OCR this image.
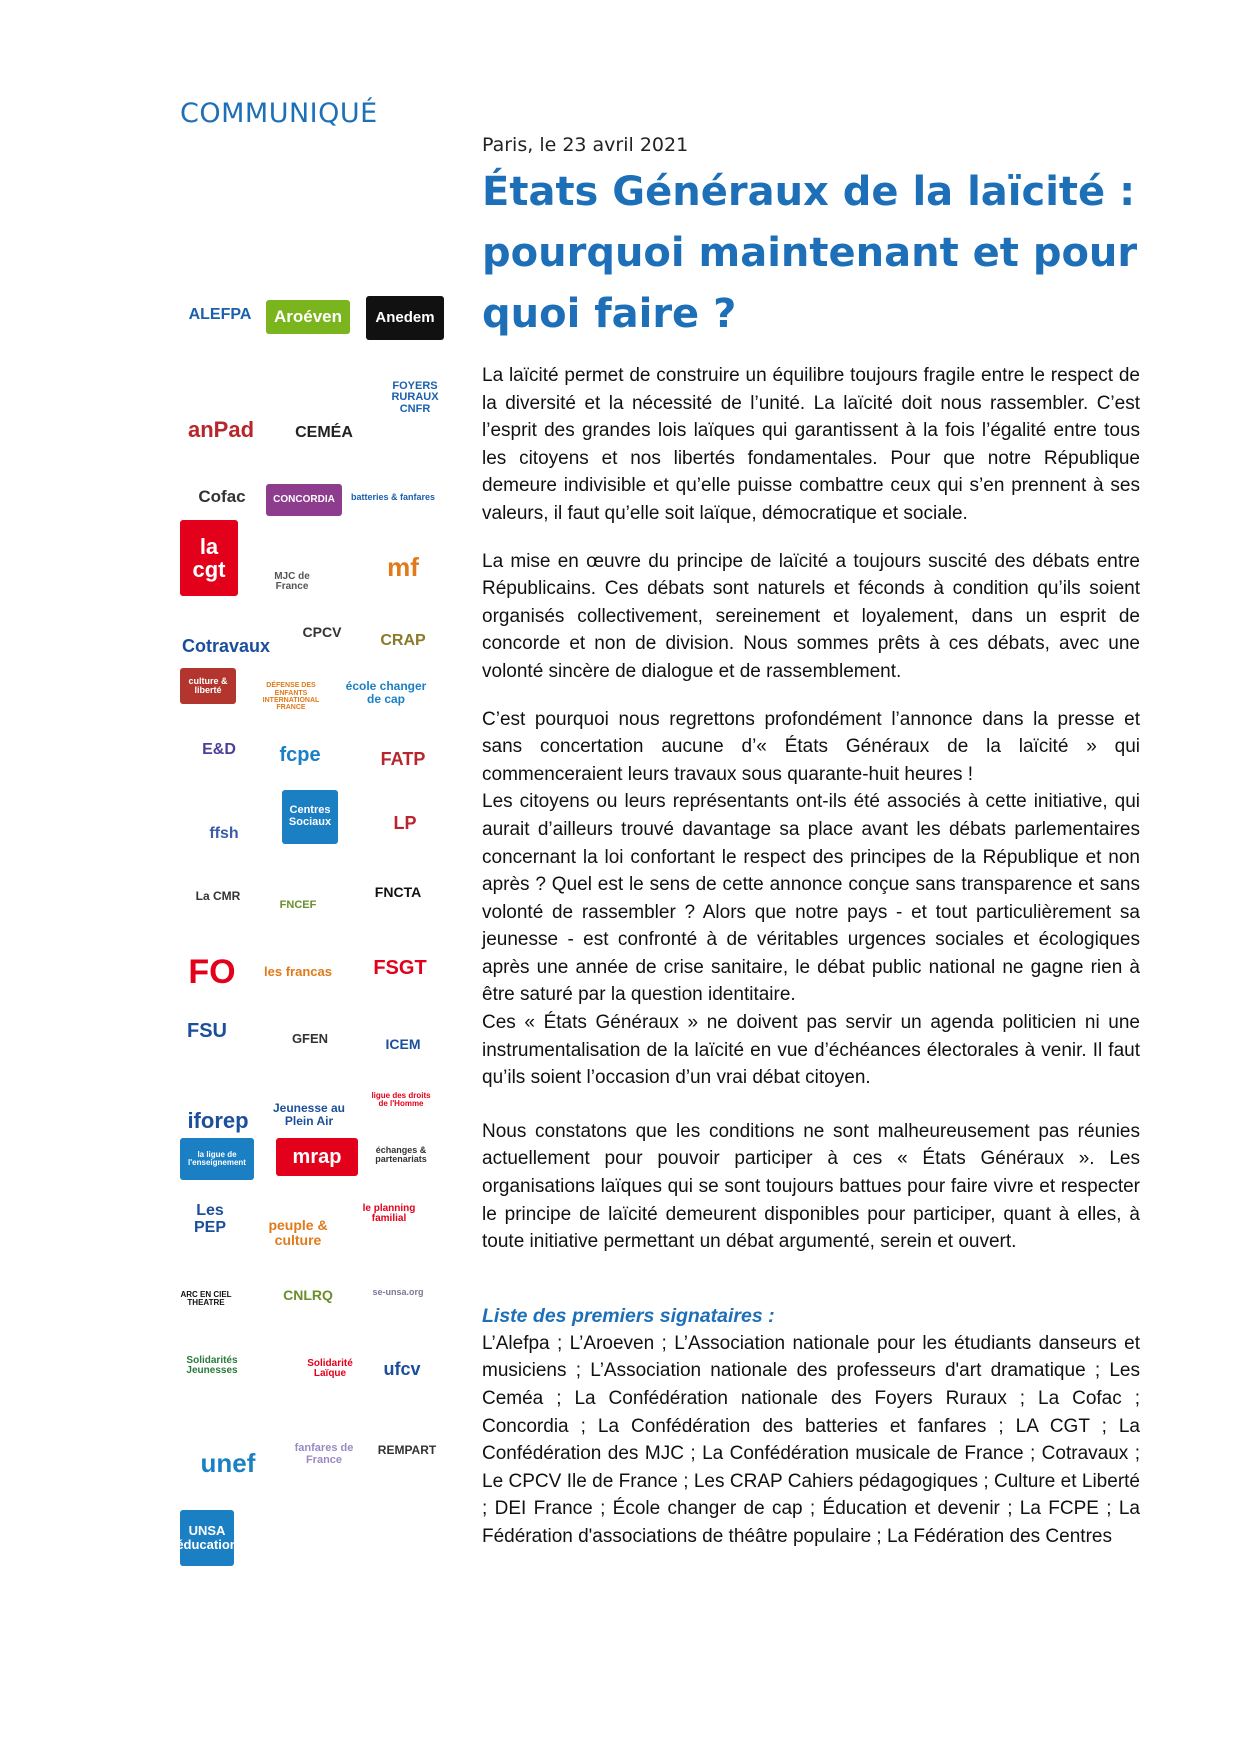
COMMUNIQUÉ
Paris, le 23 avril 2021
États Généraux de la laïcité : pourquoi maintenant et pour quoi faire ?

La laïcité permet de construire un équilibre toujours fragile entre le respect de la diversité et la nécessité de l’unité. La laïcité doit nous rassembler. C’est l’esprit des grandes lois laïques qui garantissent à la fois l’égalité entre tous les citoyens et nos libertés fondamentales. Pour que notre République demeure indivisible et qu’elle puisse combattre ceux qui s’en prennent à ses valeurs, il faut qu’elle soit laïque, démocratique et sociale.

La mise en œuvre du principe de laïcité a toujours suscité des débats entre Républicains. Ces débats sont naturels et féconds à condition qu’ils soient organisés collectivement, sereinement et loyalement, dans un esprit de concorde et non de division. Nous sommes prêts à ces débats, avec une volonté sincère de dialogue et de rassemblement.

C’est pourquoi nous regrettons profondément l’annonce dans la presse et sans concertation aucune d’« États Généraux de la laïcité » qui commenceraient leurs travaux sous quarante-huit heures !

Les citoyens ou leurs représentants ont-ils été associés à cette initiative, qui aurait d’ailleurs trouvé davantage sa place avant les débats parlementaires concernant la loi confortant le respect des principes de la République et non après ? Quel est le sens de cette annonce conçue sans transparence et sans volonté de rassembler ? Alors que notre pays - et tout particulièrement sa jeunesse - est confronté à de véritables urgences sociales et écologiques après une année de crise sanitaire, le débat public national ne gagne rien à être saturé par la question identitaire.

Ces « États Généraux » ne doivent pas servir un agenda politicien ni une instrumentalisation de la laïcité en vue d’échéances électorales à venir. Il faut qu’ils soient l’occasion d’un vrai débat citoyen.

Nous constatons que les conditions ne sont malheureusement pas réunies actuellement pour pouvoir participer à ces « États Généraux ». Les organisations laïques qui se sont toujours battues pour faire vivre et respecter le principe de laïcité demeurent disponibles pour participer, quant à elles, à toute initiative permettant un débat argumenté, serein et ouvert.

Liste des premiers signataires :

L’Alefpa ; L’Aroeven ; L’Association nationale pour les étudiants danseurs et musiciens ; L’Association nationale des professeurs d'art dramatique ; Les Ceméa ; La Confédération nationale des Foyers Ruraux ; La Cofac ; Concordia ; La Confédération des batteries et fanfares ; LA CGT ; La Confédération des MJC ; La Confédération musicale de France ; Cotravaux ; Le CPCV Ile de France ; Les CRAP Cahiers pédagogiques ; Culture et Liberté ; DEI France ; École changer de cap ; Éducation et devenir ; La FCPE ; La Fédération d'associations de théâtre populaire ; La Fédération des Centres

ALEFPA	Aroéven	Anedem
FOYERS RURAUX CNFR
anPad	CEMÉA
Cofac	CONCORDIA	batteries & fanfares
la cgt	MJC de France
mf
Cotravaux
CPCV	CRAP
culture & liberté	DÉFENSE DES ENFANTS INTERNATIONAL FRANCE
école changer de cap
E&D	fcpe	FATP
ffsh
Centres Sociaux	LP
La CMR
FNCEF
FNCTA
FO	les francas	FSGT
FSU	GFEN	ICEM
ligue des droits de l'Homme
iforep
Jeunesse au Plein Air
la ligue de l'enseignement	mrap	échanges & partenariats
Les PEP	peuple & culture
le planning familial
ARC EN CIEL THEATRE	CNLRQ	se-unsa.org
Solidarités Jeunesses
Solidarité Laïque	ufcv
unef	fanfares de France
REMPART
UNSA éducation
